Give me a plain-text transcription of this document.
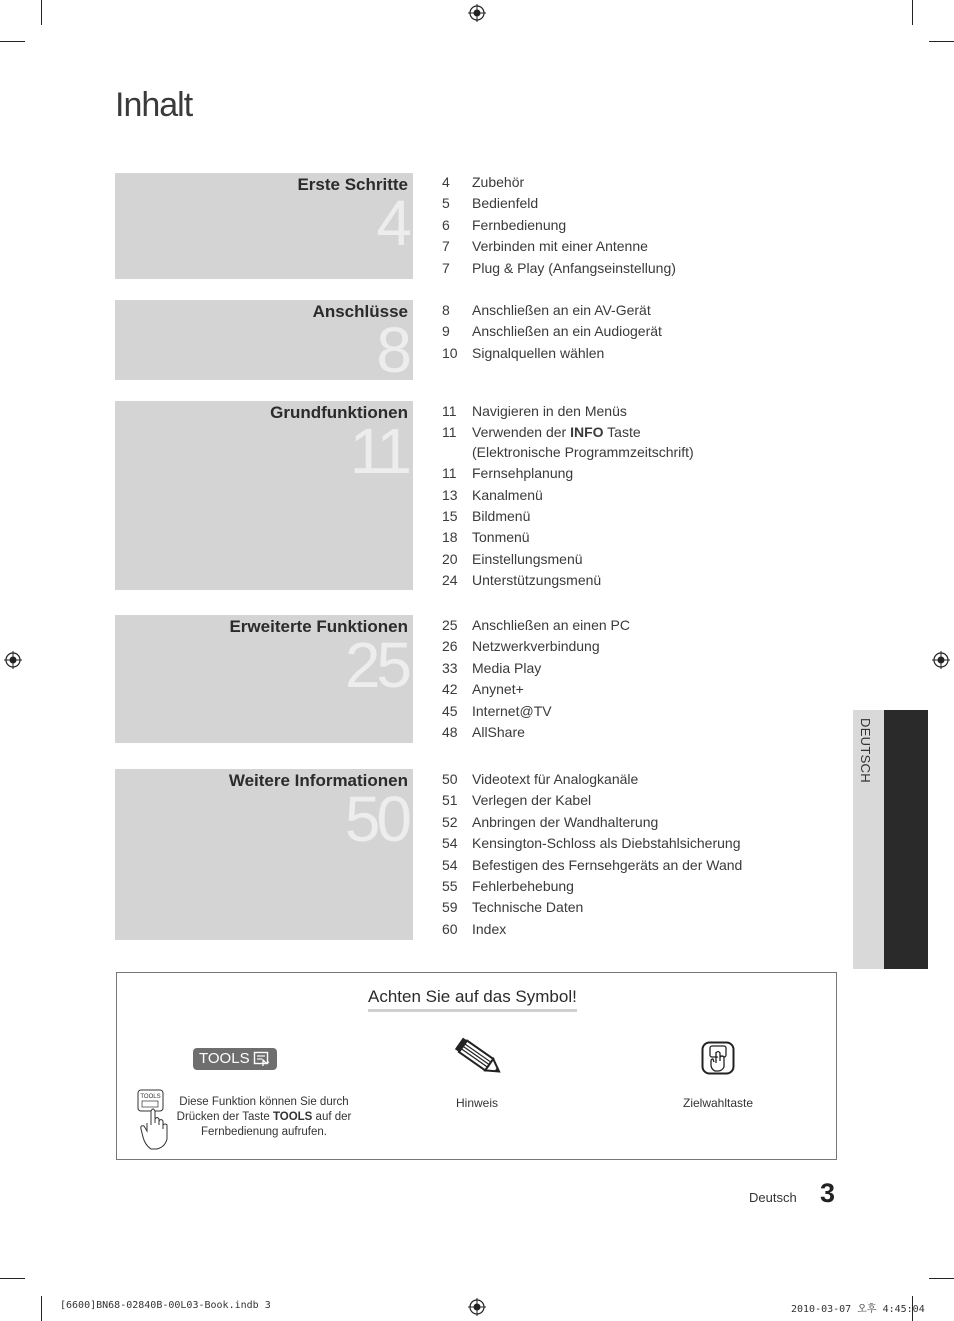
Inhalt
Erste Schritte
4
4	Zubehör
5	Bedienfeld
6	Fernbedienung
7	Verbinden mit einer Antenne
7	Plug & Play (Anfangseinstellung)
Anschlüsse
8
8	Anschließen an ein AV-Gerät
9	Anschließen an ein Audiogerät
10	Signalquellen wählen
Grundfunktionen
11
11	Navigieren in den Menüs
11	Verwenden der INFO Taste
(Elektronische Programmzeitschrift)
11	Fernsehplanung
13	Kanalmenü
15	Bildmenü
18	Tonmenü
20	Einstellungsmenü
24	Unterstützungsmenü
Erweiterte Funktionen
25
25	Anschließen an einen PC
26	Netzwerkverbindung
33	Media Play
42	Anynet+
45	Internet@TV
48	AllShare
Weitere Informationen
50
50	Videotext für Analogkanäle
51	Verlegen der Kabel
52	Anbringen der Wandhalterung
54	Kensington-Schloss als Diebstahlsicherung
54	Befestigen des Fernsehgeräts an der Wand
55	Fehlerbehebung
59	Technische Daten
60	Index
DEUTSCH
Achten Sie auf das Symbol!
TOOLS
TOOLS	Diese Funktion können Sie durch
Drücken der Taste TOOLS auf der
Fernbedienung aufrufen.
Hinweis	Zielwahltaste
Deutsch 3
[6600]BN68-02840B-00L03-Book.indb 3	2010-03-07 오후 4:45:04
